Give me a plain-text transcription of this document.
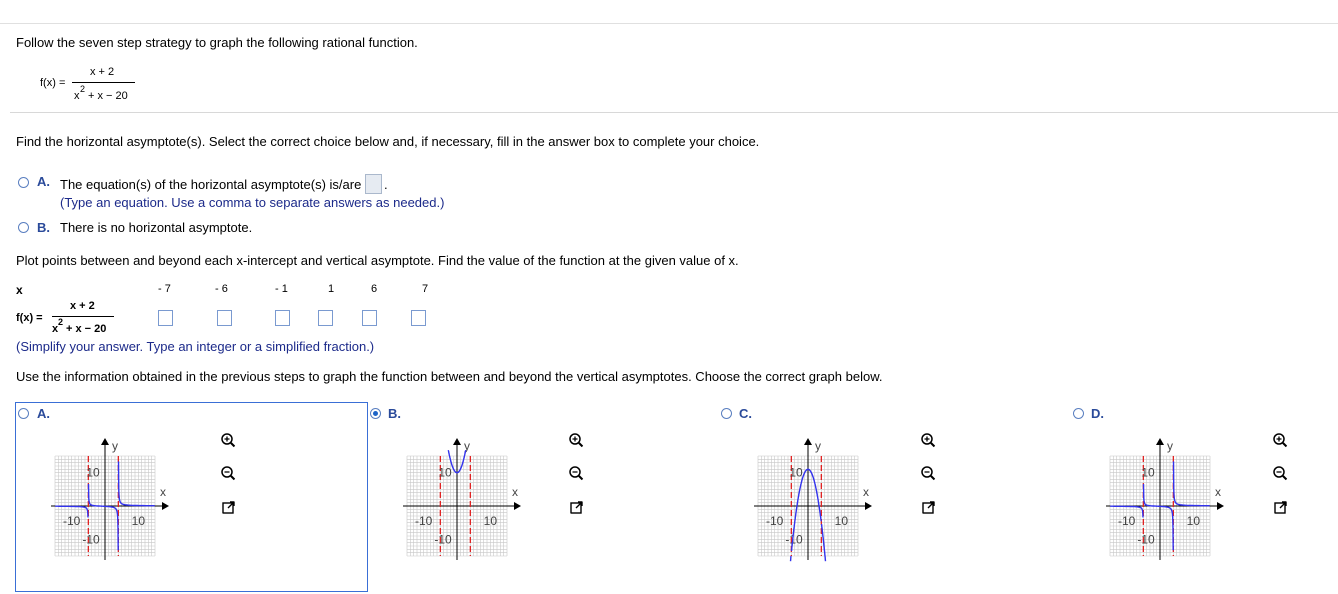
Follow the seven step strategy to graph the following rational function.
f(x) =
x + 2
x
2
+ x − 20
Find the horizontal asymptote(s). Select the correct choice below and, if necessary, fill in the answer box to complete your choice.
A. The equation(s) of the horizontal asymptote(s) is/are .
(Type an equation. Use a comma to separate answers as needed.)
B. There is no horizontal asymptote.
Plot points between and beyond each x-intercept and vertical asymptote. Find the value of the function at the given value of x.
x	- 7	- 6	- 1	1	6	7
f(x) =
x + 2
x
2
+ x − 20
(Simplify your answer. Type an integer or a simplified fraction.)
Use the information obtained in the previous steps to graph the function between and beyond the vertical asymptotes. Choose the correct graph below.
A.	B.	C.	D.
y
x
10
-10
10
-10
y
x
10
-10
10
-10
y
x
10
-10
10
-10
y
x
10
-10
10
-10
